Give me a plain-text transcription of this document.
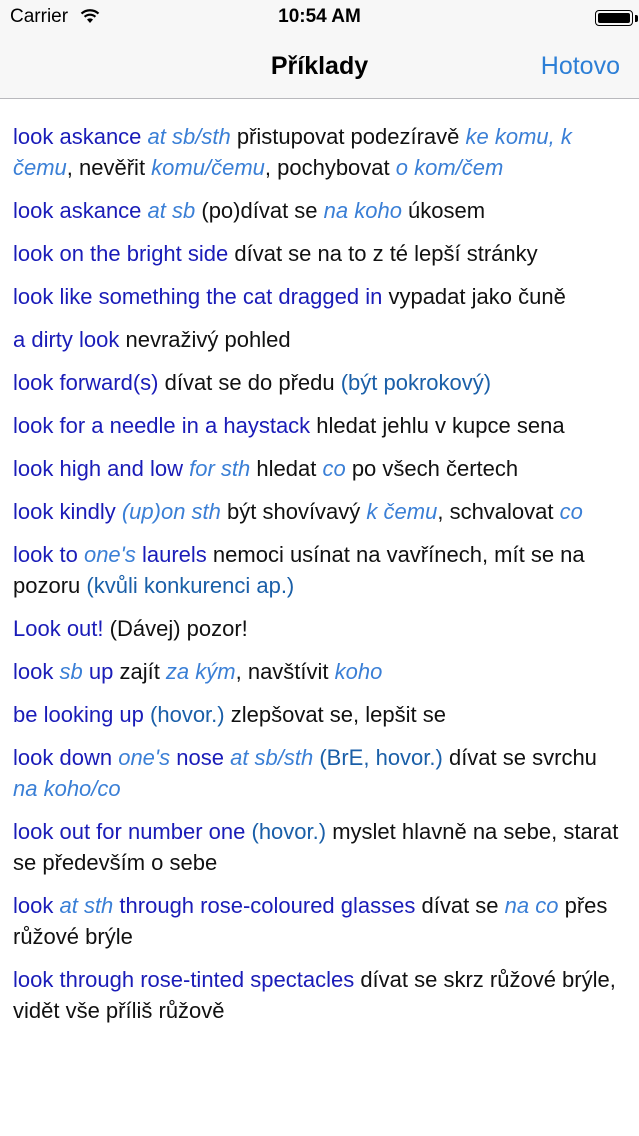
Carrier	10:54 AM
Příklady	Hotovo
look askance at sb/sth přistupovat podezíravě ke komu, k čemu, nevěřit komu/čemu, pochybovat o kom/čem
look askance at sb (po)dívat se na koho úkosem
look on the bright side dívat se na to z té lepší stránky
look like something the cat dragged in vypadat jako čuně
a dirty look nevraživý pohled
look forward(s) dívat se do předu (být pokrokový)
look for a needle in a haystack hledat jehlu v kupce sena
look high and low for sth hledat co po všech čertech
look kindly (up)on sth být shovívavý k čemu, schvalovat co
look to one's laurels nemoci usínat na vavřínech, mít se na pozoru (kvůli konkurenci ap.)
Look out! (Dávej) pozor!
look sb up zajít za kým, navštívit koho
be looking up (hovor.) zlepšovat se, lepšit se
look down one's nose at sb/sth (BrE, hovor.) dívat se svrchu na koho/co
look out for number one (hovor.) myslet hlavně na sebe, starat se především o sebe
look at sth through rose-coloured glasses dívat se na co přes růžové brýle
look through rose-tinted spectacles dívat se skrz růžové brýle, vidět vše příliš růžově
